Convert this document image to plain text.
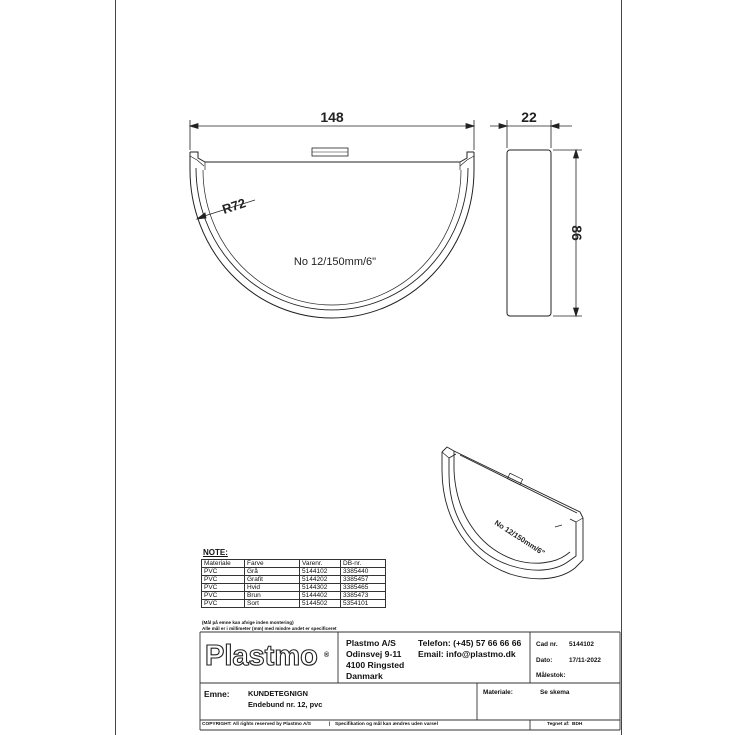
No 12/150mm/6"
148	22
86
R72
No 12/150mm/6"
NOTE:
Materiale	Farve	Varenr.	DB-nr.
PVC	Grå	5144102	3385440
PVC	Grafit	5144202	3385457
PVC	Hvid	5144302	3385465
PVC	Brun	5144402	3385473
PVC	Sort	5144502	5354101
(Mål på emne kan afvige inden montering)
Alle mål er i millimeter (mm) med mindre andet er specificeret
Plastmo ®
Plastmo A/S
Odinsvej 9-11
4100 Ringsted
Danmark
Telefon: (+45) 57 66 66 66
Email: info@plastmo.dk
Cad nr. 5144102
Dato:	17/11-2022
Målestok:
Emne: KUNDETEGNIGN
Endebund nr. 12, pvc
Materiale:	Se skema
COPYRIGHT: All rights reserved by Plastmo A/S	| Specifikation og mål kan ændres uden varsel	Tegnet af: BDH
